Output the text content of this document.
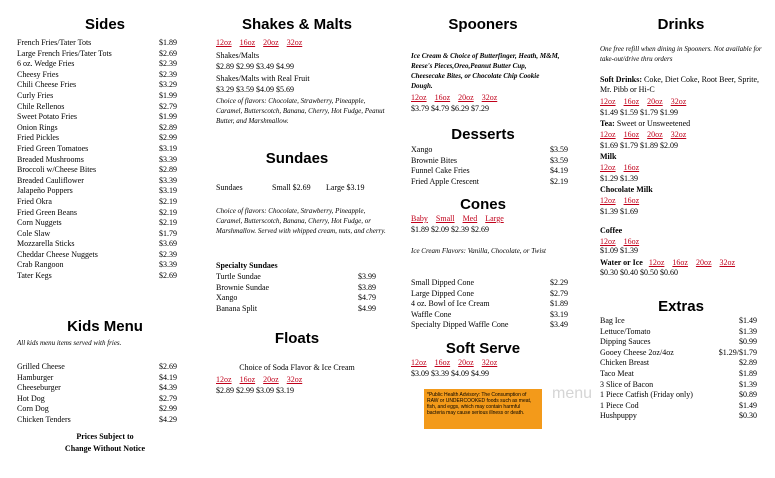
Sides
French Fries/Tater Tots	$1.89
Large French Fries/Tater Tots	$2.69
6 oz. Wedge Fries	$2.39
Cheesy Fries	$2.39
Chili Cheese Fries	$3.29
Curly Fries	$1.99
Chile Rellenos	$2.79
Sweet Potato Fries	$1.99
Onion Rings	$2.89
Fried Pickles	$2.99
Fried Green Tomatoes	$3.19
Breaded Mushrooms	$3.39
Broccoli w/Cheese Bites	$2.89
Breaded Cauliflower	$3.39
Jalapeño Poppers	$3.19
Fried Okra	$2.19
Fried Green Beans	$2.19
Corn Nuggets	$2.19
Cole Slaw	$1.79
Mozzarella Sticks	$3.69
Cheddar Cheese Nuggets	$2.39
Crab Rangoon	$3.39
Tater Kegs	$2.69
Kids Menu
All kids menu items served with fries.
Grilled Cheese	$2.69
Hamburger	$4.19
Cheeseburger	$4.39
Hot Dog	$2.79
Corn Dog	$2.99
Chicken Tenders	$4.29
Prices Subject to
Change Without Notice
Shakes & Malts
12oz 16oz 20oz 32oz
Shakes/Malts
$2.89 $2.99 $3.49 $4.99
Shakes/Malts with Real Fruit
$3.29 $3.59 $4.09 $5.69
Choice of flavors: Chocolate, Strawberry, Pineapple, Caramel, Butterscotch, Banana, Cherry, Hot Fudge, Peanut Butter, and Marshmallow.
Sundaes
Sundaes	Small $2.69 Large $3.19
Choice of flavors: Chocolate, Strawberry, Pineapple, Caramel, Butterscotch, Banana, Cherry, Hot Fudge, or Marshmallow. Served with whipped cream, nuts, and cherry.
Specialty Sundaes
Turtle Sundae	$3.99
Brownie Sundae	$3.89
Xango	$4.79
Banana Split	$4.99
Floats
Choice of Soda Flavor & Ice Cream
12oz 16oz 20oz 32oz
$2.89 $2.99 $3.09 $3.19
Spooners
Ice Cream & Choice of Butterfinger, Heath, M&M, Reese's Pieces,Oreo,Peanut Butter Cup, Cheesecake Bites, or Chocolate Chip Cookie Dough.
12oz 16oz 20oz 32oz
$3.79 $4.79 $6.29 $7.29
Desserts
Xango	$3.59
Brownie Bites	$3.59
Funnel Cake Fries	$4.19
Fried Apple Crescent	$2.19
Cones
Baby Small Med Large
$1.89 $2.09 $2.39 $2.69
Ice Cream Flavors: Vanilla, Chocolate, or Twist
Small Dipped Cone	$2.29
Large Dipped Cone	$2.79
4 oz. Bowl of Ice Cream	$1.89
Waffle Cone	$3.19
Specialty Dipped Waffle Cone	$3.49
Soft Serve
12oz 16oz 20oz 32oz
$3.09 $3.39 $4.09 $4.99
*Public Health Advisory: The Consumption of RAW or UNDERCOOKED foods such as meat, fish, and eggs, which may contain harmful bacteria may cause serious illness or death.
menu
Drinks
One free refill when dining in Spooners. Not available for take-out/drive thru orders
Soft Drinks: Coke, Diet Coke, Root Beer, Sprite, Mr. Pibb or Hi-C
12oz 16oz 20oz 32oz
$1.49 $1.59 $1.79 $1.99
Tea: Sweet or Unsweetened
12oz 16oz 20oz 32oz
$1.69 $1.79 $1.89 $2.09
Milk
12oz 16oz
$1.29 $1.39
Chocolate Milk
12oz 16oz
$1.39 $1.69
Coffee
12oz 16oz
$1.09 $1.39
Water or Ice 12oz 16oz 20oz 32oz
$0.30 $0.40 $0.50 $0.60
Extras
Bag Ice	$1.49
Lettuce/Tomato	$1.39
Dipping Sauces	$0.99
Gooey Cheese 2oz/4oz	$1.29/$1.79
Chicken Breast	$2.89
Taco Meat	$1.89
3 Slice of Bacon	$1.39
1 Piece Catfish (Friday only)	$0.89
1 Piece Cod	$1.49
Hushpuppy	$0.30
